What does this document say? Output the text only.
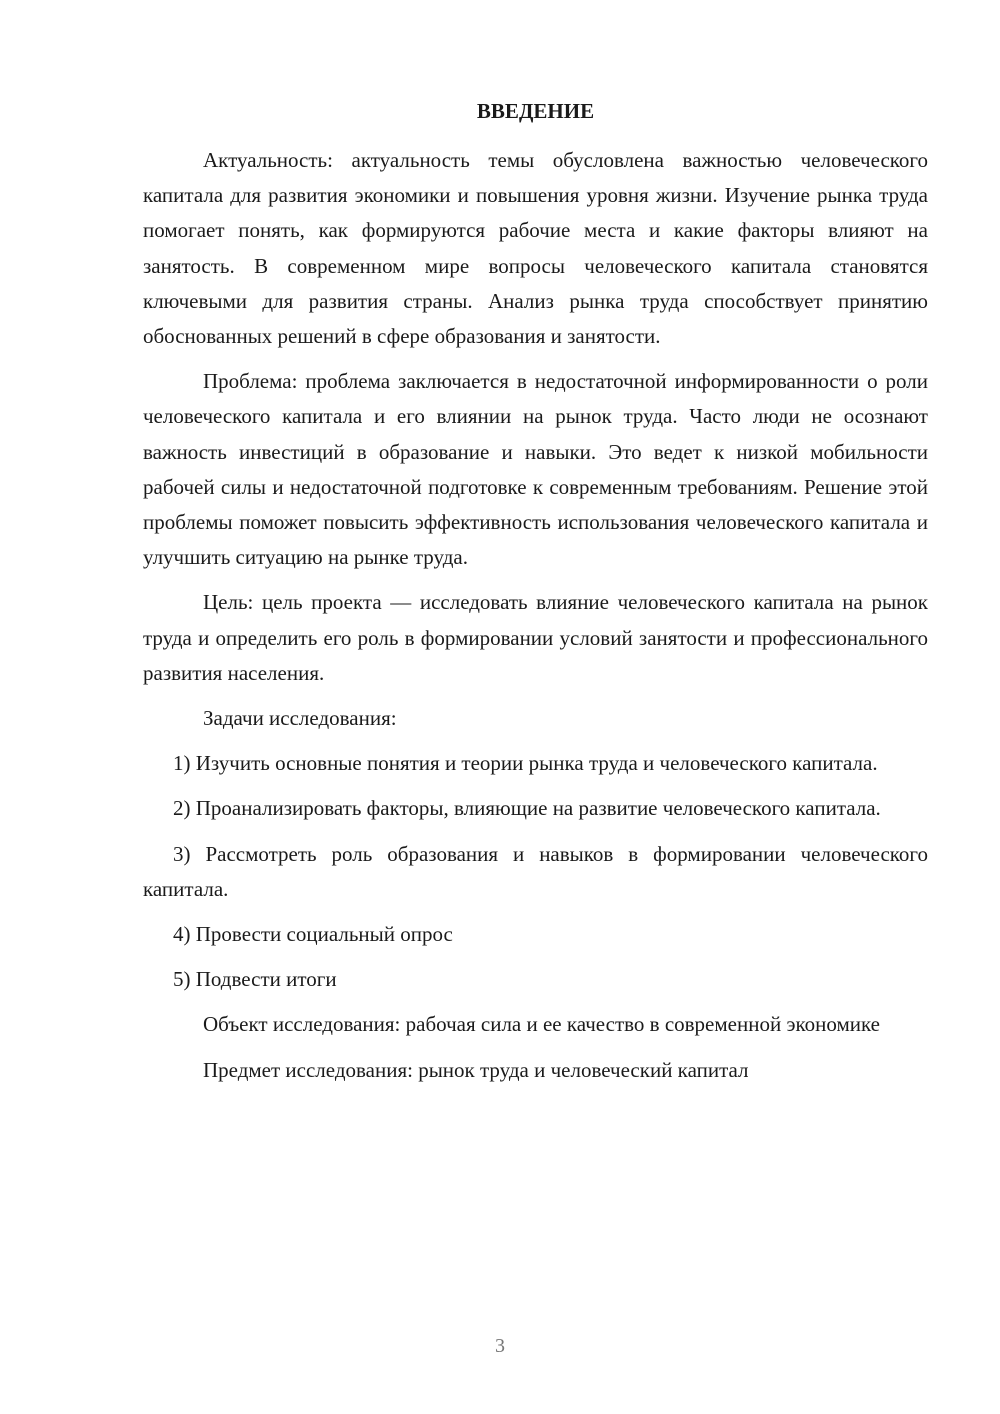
ВВЕДЕНИЕ

Актуальность: актуальность темы обусловлена важностью человеческого капитала для развития экономики и повышения уровня жизни. Изучение рынка труда помогает понять, как формируются рабочие места и какие факторы влияют на занятость. В современном мире вопросы человеческого капитала становятся ключевыми для развития страны. Анализ рынка труда способствует принятию обоснованных решений в сфере образования и занятости.

Проблема: проблема заключается в недостаточной информированности о роли человеческого капитала и его влиянии на рынок труда. Часто люди не осознают важность инвестиций в образование и навыки. Это ведет к низкой мобильности рабочей силы и недостаточной подготовке к современным требованиям. Решение этой проблемы поможет повысить эффективность использования человеческого капитала и улучшить ситуацию на рынке труда.

Цель: цель проекта — исследовать влияние человеческого капитала на рынок труда и определить его роль в формировании условий занятости и профессионального развития населения.

Задачи исследования:

1) Изучить основные понятия и теории рынка труда и человеческого капитала.

2) Проанализировать факторы, влияющие на развитие человеческого капитала.

3) Рассмотреть роль образования и навыков в формировании человеческого капитала.

4) Провести социальный опрос

5) Подвести итоги

Объект исследования: рабочая сила и ее качество в современной экономике

Предмет исследования: рынок труда и человеческий капитал

3
